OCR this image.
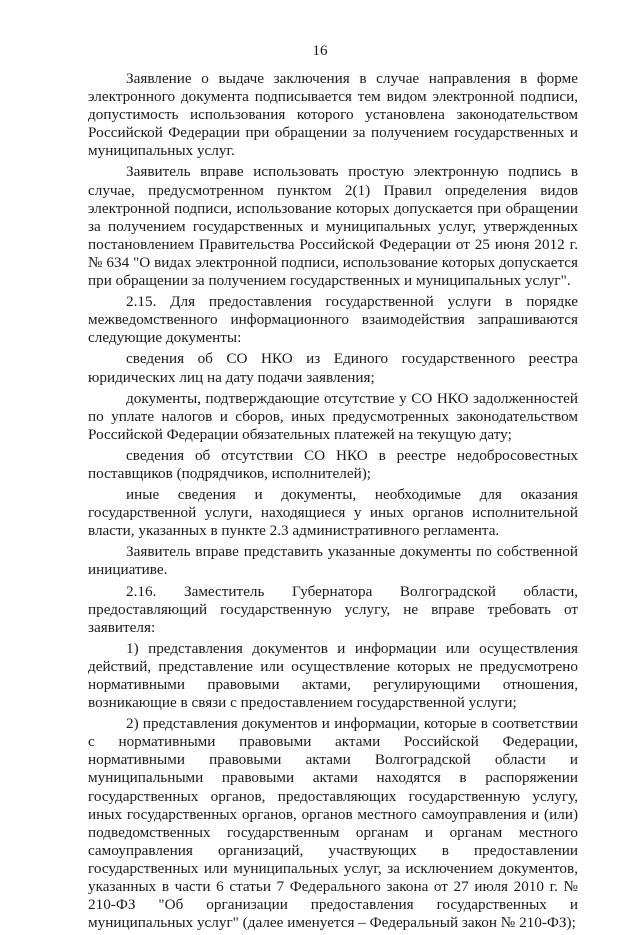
16

Заявление о выдаче заключения в случае направления в форме электронного документа подписывается тем видом электронной подписи, допустимость использования которого установлена законодательством Российской Федерации при обращении за получением государственных и муниципальных услуг.

Заявитель вправе использовать простую электронную подпись в случае, предусмотренном пунктом 2(1) Правил определения видов электронной подписи, использование которых допускается при обращении за получением государственных и муниципальных услуг, утвержденных постановлением Правительства Российской Федерации от 25 июня 2012 г. № 634 "О видах электронной подписи, использование которых допускается при обращении за получением государственных и муниципальных услуг".

2.15. Для предоставления государственной услуги в порядке межведомственного информационного взаимодействия запрашиваются следующие документы:

сведения об СО НКО из Единого государственного реестра юридических лиц на дату подачи заявления;

документы, подтверждающие отсутствие у СО НКО задолженностей по уплате налогов и сборов, иных предусмотренных законодательством Российской Федерации обязательных платежей на текущую дату;

сведения об отсутствии СО НКО в реестре недобросовестных поставщиков (подрядчиков, исполнителей);

иные сведения и документы, необходимые для оказания государственной услуги, находящиеся у иных органов исполнительной власти, указанных в пункте 2.3 административного регламента.

Заявитель вправе представить указанные документы по собственной инициативе.

2.16. Заместитель Губернатора Волгоградской области, предоставляющий государственную услугу, не вправе требовать от заявителя:

1) представления документов и информации или осуществления действий, представление или осуществление которых не предусмотрено нормативными правовыми актами, регулирующими отношения, возникающие в связи с предоставлением государственной услуги;

2) представления документов и информации, которые в соответствии с нормативными правовыми актами Российской Федерации, нормативными правовыми актами Волгоградской области и муниципальными правовыми актами находятся в распоряжении государственных органов, предоставляющих государственную услугу, иных государственных органов, органов местного самоуправления и (или) подведомственных государственным органам и органам местного самоуправления организаций, участвующих в предоставлении государственных или муниципальных услуг, за исключением документов, указанных в части 6 статьи 7 Федерального закона от 27 июля 2010 г. № 210-ФЗ "Об организации предоставления государственных и муниципальных услуг" (далее именуется – Федеральный закон № 210-ФЗ);
